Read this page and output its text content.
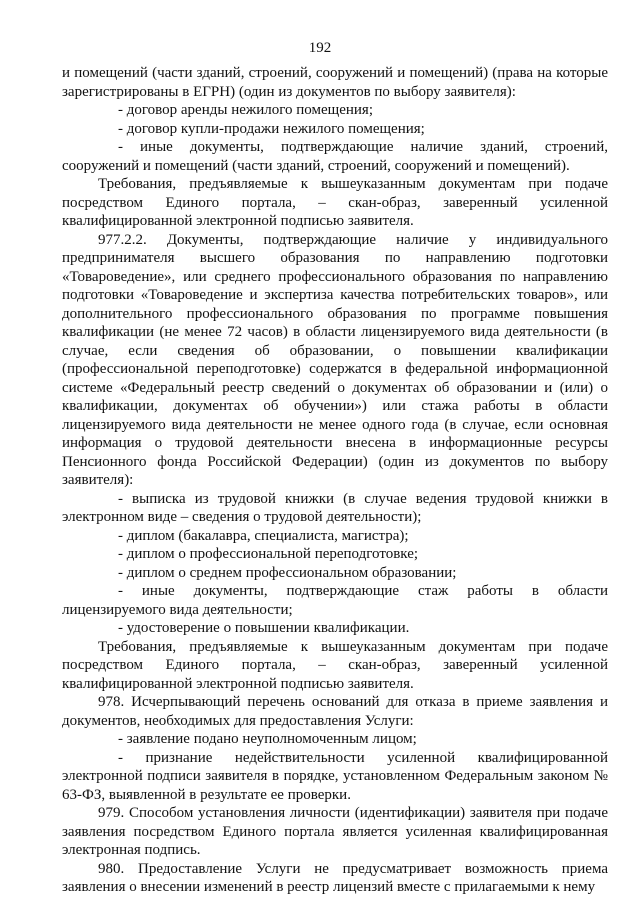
192

и помещений (части зданий, строений, сооружений и помещений) (права на которые зарегистрированы в ЕГРН) (один из документов по выбору заявителя):

- договор аренды нежилого помещения;

- договор купли-продажи нежилого помещения;

- иные документы, подтверждающие наличие зданий, строений, сооружений и помещений (части зданий, строений, сооружений и помещений).

Требования, предъявляемые к вышеуказанным документам при подаче посредством Единого портала, – скан-образ, заверенный усиленной квалифицированной электронной подписью заявителя.

977.2.2. Документы, подтверждающие наличие у индивидуального предпринимателя высшего образования по направлению подготовки «Товароведение», или среднего профессионального образования по направлению подготовки «Товароведение и экспертиза качества потребительских товаров», или дополнительного профессионального образования по программе повышения квалификации (не менее 72 часов) в области лицензируемого вида деятельности (в случае, если сведения об образовании, о повышении квалификации (профессиональной переподготовке) содержатся в федеральной информационной системе «Федеральный реестр сведений о документах об образовании и (или) о квалификации, документах об обучении») или стажа работы в области лицензируемого вида деятельности не менее одного года (в случае, если основная информация о трудовой деятельности внесена в информационные ресурсы Пенсионного фонда Российской Федерации) (один из документов по выбору заявителя):

- выписка из трудовой книжки (в случае ведения трудовой книжки в электронном виде – сведения о трудовой деятельности);

- диплом (бакалавра, специалиста, магистра);

- диплом о профессиональной переподготовке;

- диплом о среднем профессиональном образовании;

- иные документы, подтверждающие стаж работы в области лицензируемого вида деятельности;

- удостоверение о повышении квалификации.

Требования, предъявляемые к вышеуказанным документам при подаче посредством Единого портала, – скан-образ, заверенный усиленной квалифицированной электронной подписью заявителя.

978. Исчерпывающий перечень оснований для отказа в приеме заявления и документов, необходимых для предоставления Услуги:

- заявление подано неуполномоченным лицом;

- признание недействительности усиленной квалифицированной электронной подписи заявителя в порядке, установленном Федеральным законом № 63-ФЗ, выявленной в результате ее проверки.

979. Способом установления личности (идентификации) заявителя при подаче заявления посредством Единого портала является усиленная квалифицированная электронная подпись.

980. Предоставление Услуги не предусматривает возможность приема заявления о внесении изменений в реестр лицензий вместе с прилагаемыми к нему
